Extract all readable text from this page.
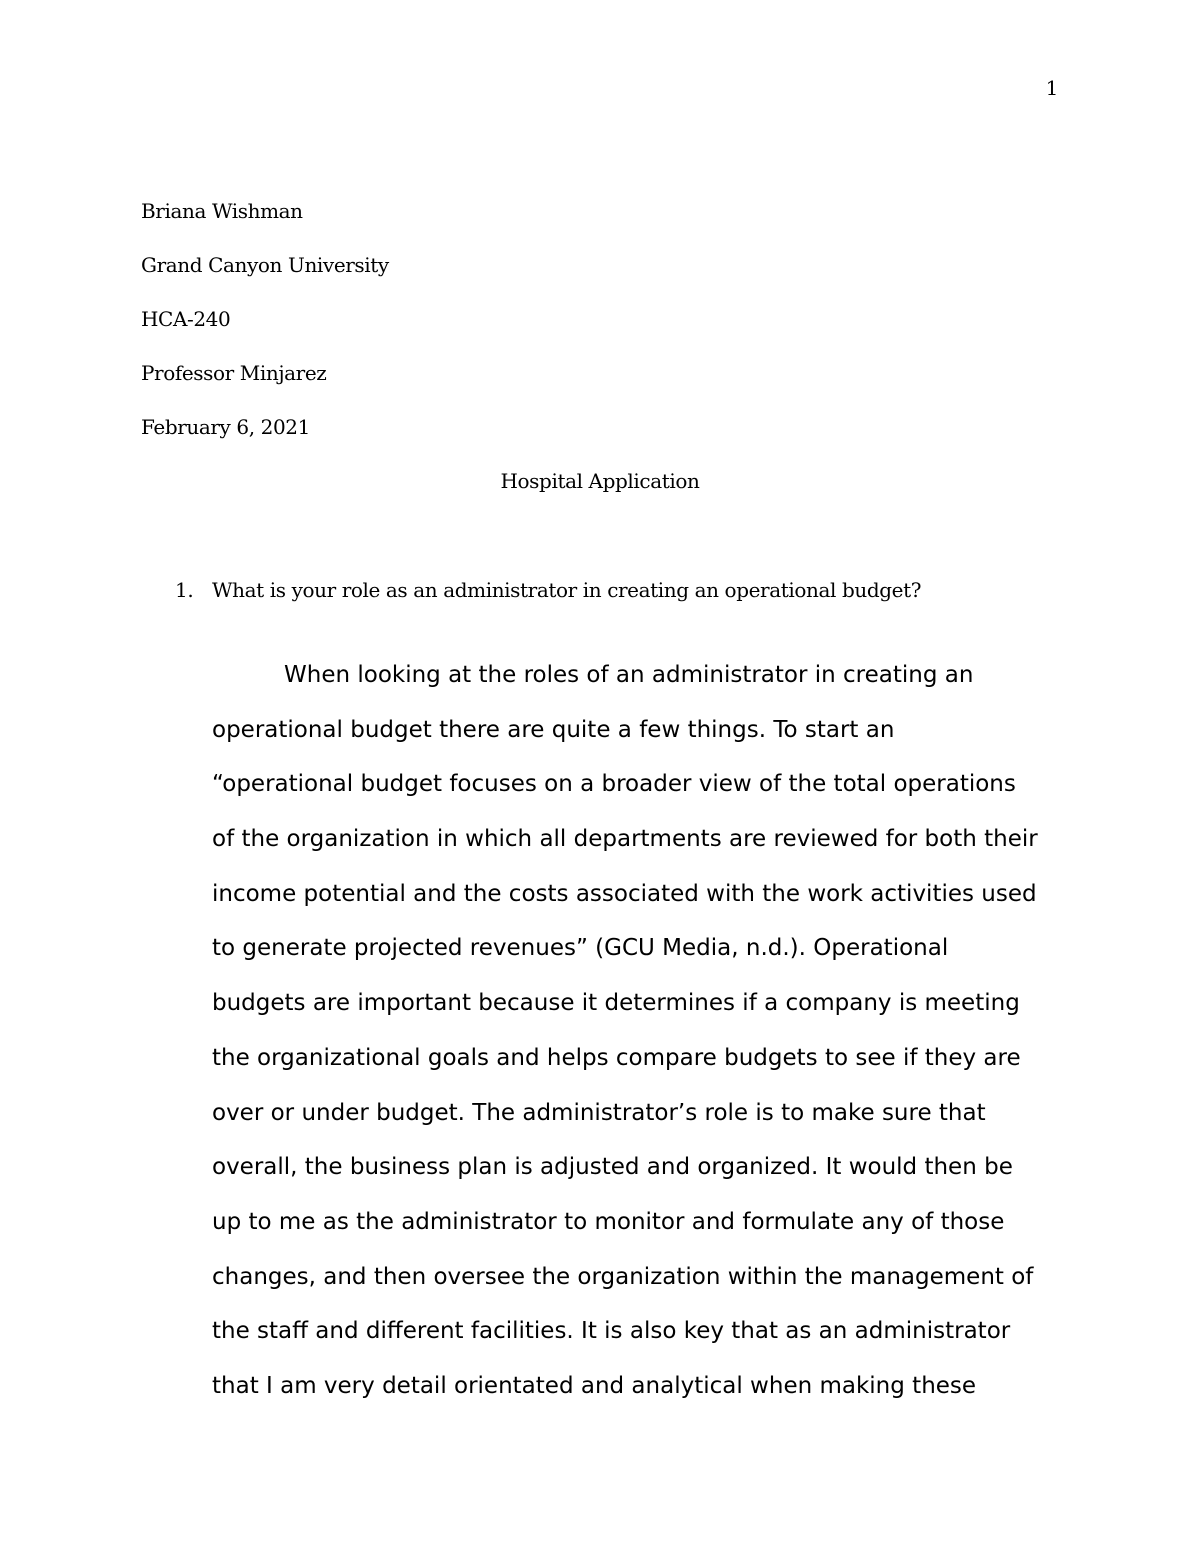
1
Briana Wishman
Grand Canyon University
HCA-240
Professor Minjarez
February 6, 2021
Hospital Application
1. What is your role as an administrator in creating an operational budget?
When looking at the roles of an administrator in creating an
operational budget there are quite a few things. To start an
“operational budget focuses on a broader view of the total operations
of the organization in which all departments are reviewed for both their
income potential and the costs associated with the work activities used
to generate projected revenues” (GCU Media, n.d.). Operational
budgets are important because it determines if a company is meeting
the organizational goals and helps compare budgets to see if they are
over or under budget. The administrator’s role is to make sure that
overall, the business plan is adjusted and organized. It would then be
up to me as the administrator to monitor and formulate any of those
changes, and then oversee the organization within the management of
the staff and different facilities. It is also key that as an administrator
that I am very detail orientated and analytical when making these
